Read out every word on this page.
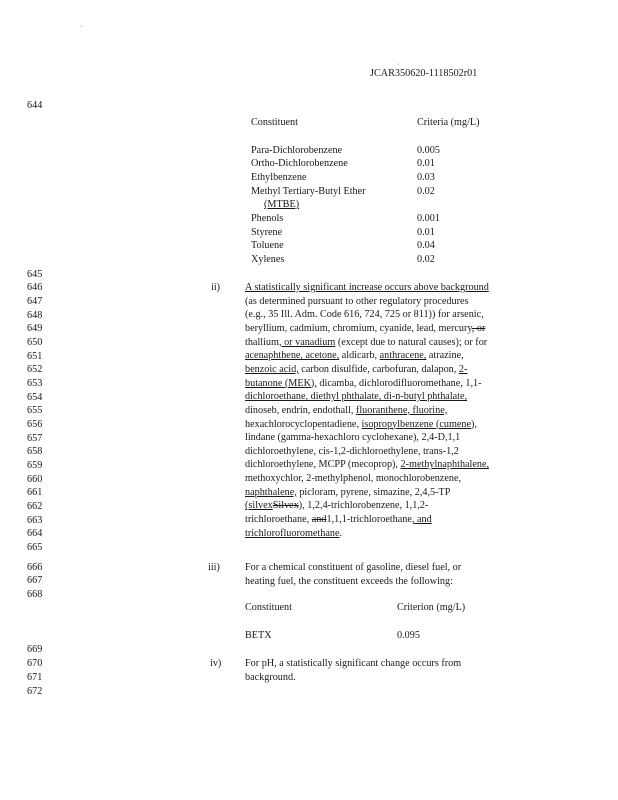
·
·
JCAR350620-1118502r01
644
645
646
647
648
649
650
651
652
653
654
655
656
657
658
659
660
661
662
663
664
665
666
667
668
669
670
671
672
Constituent	Criteria (mg/L)
Para-Dichlorobenzene	0.005
Ortho-Dichlorobenzene	0.01
Ethylbenzene	0.03
Methyl Tertiary-Butyl Ether	0.02
(MTBE)
Phenols	0.001
Styrene	0.01
Toluene	0.04
Xylenes	0.02
ii) A statistically significant increase occurs above background
(as determined pursuant to other regulatory procedures
(e.g., 35 Ill. Adm. Code 616, 724, 725 or 811)) for arsenic,
beryllium, cadmium, chromium, cyanide, lead, mercury, or
thallium, or vanadium (except due to natural causes); or for
acenaphthene, acetone, aldicarb, anthracene, atrazine,
benzoic acid, carbon disulfide, carbofuran, dalapon, 2-
butanone (MEK), dicamba, dichlorodifluoromethane, 1,1-
dichloroethane, diethyl phthalate, di-n-butyl phthalate,
dinoseb, endrin, endothall, fluoranthene, fluorine,
hexachlorocyclopentadiene, isopropylbenzene (cumene),
lindane (gamma-hexachloro cyclohexane), 2,4-D,1,1
dichloroethylene, cis-1,2-dichloroethylene, trans-1,2
dichloroethylene, MCPP (mecoprop), 2-methylnaphthalene,
methoxychlor, 2-methylphenol, monochlorobenzene,
naphthalene, picloram, pyrene, simazine, 2,4,5-TP
(silvexSilvex), 1,2,4-trichlorobenzene, 1,1,2-
trichloroethane, and1,1,1-trichloroethane, and
trichlorofluoromethane.
iii) For a chemical constituent of gasoline, diesel fuel, or
heating fuel, the constituent exceeds the following:
Constituent	Criterion (mg/L)
BETX	0.095
iv) For pH, a statistically significant change occurs from
background.
